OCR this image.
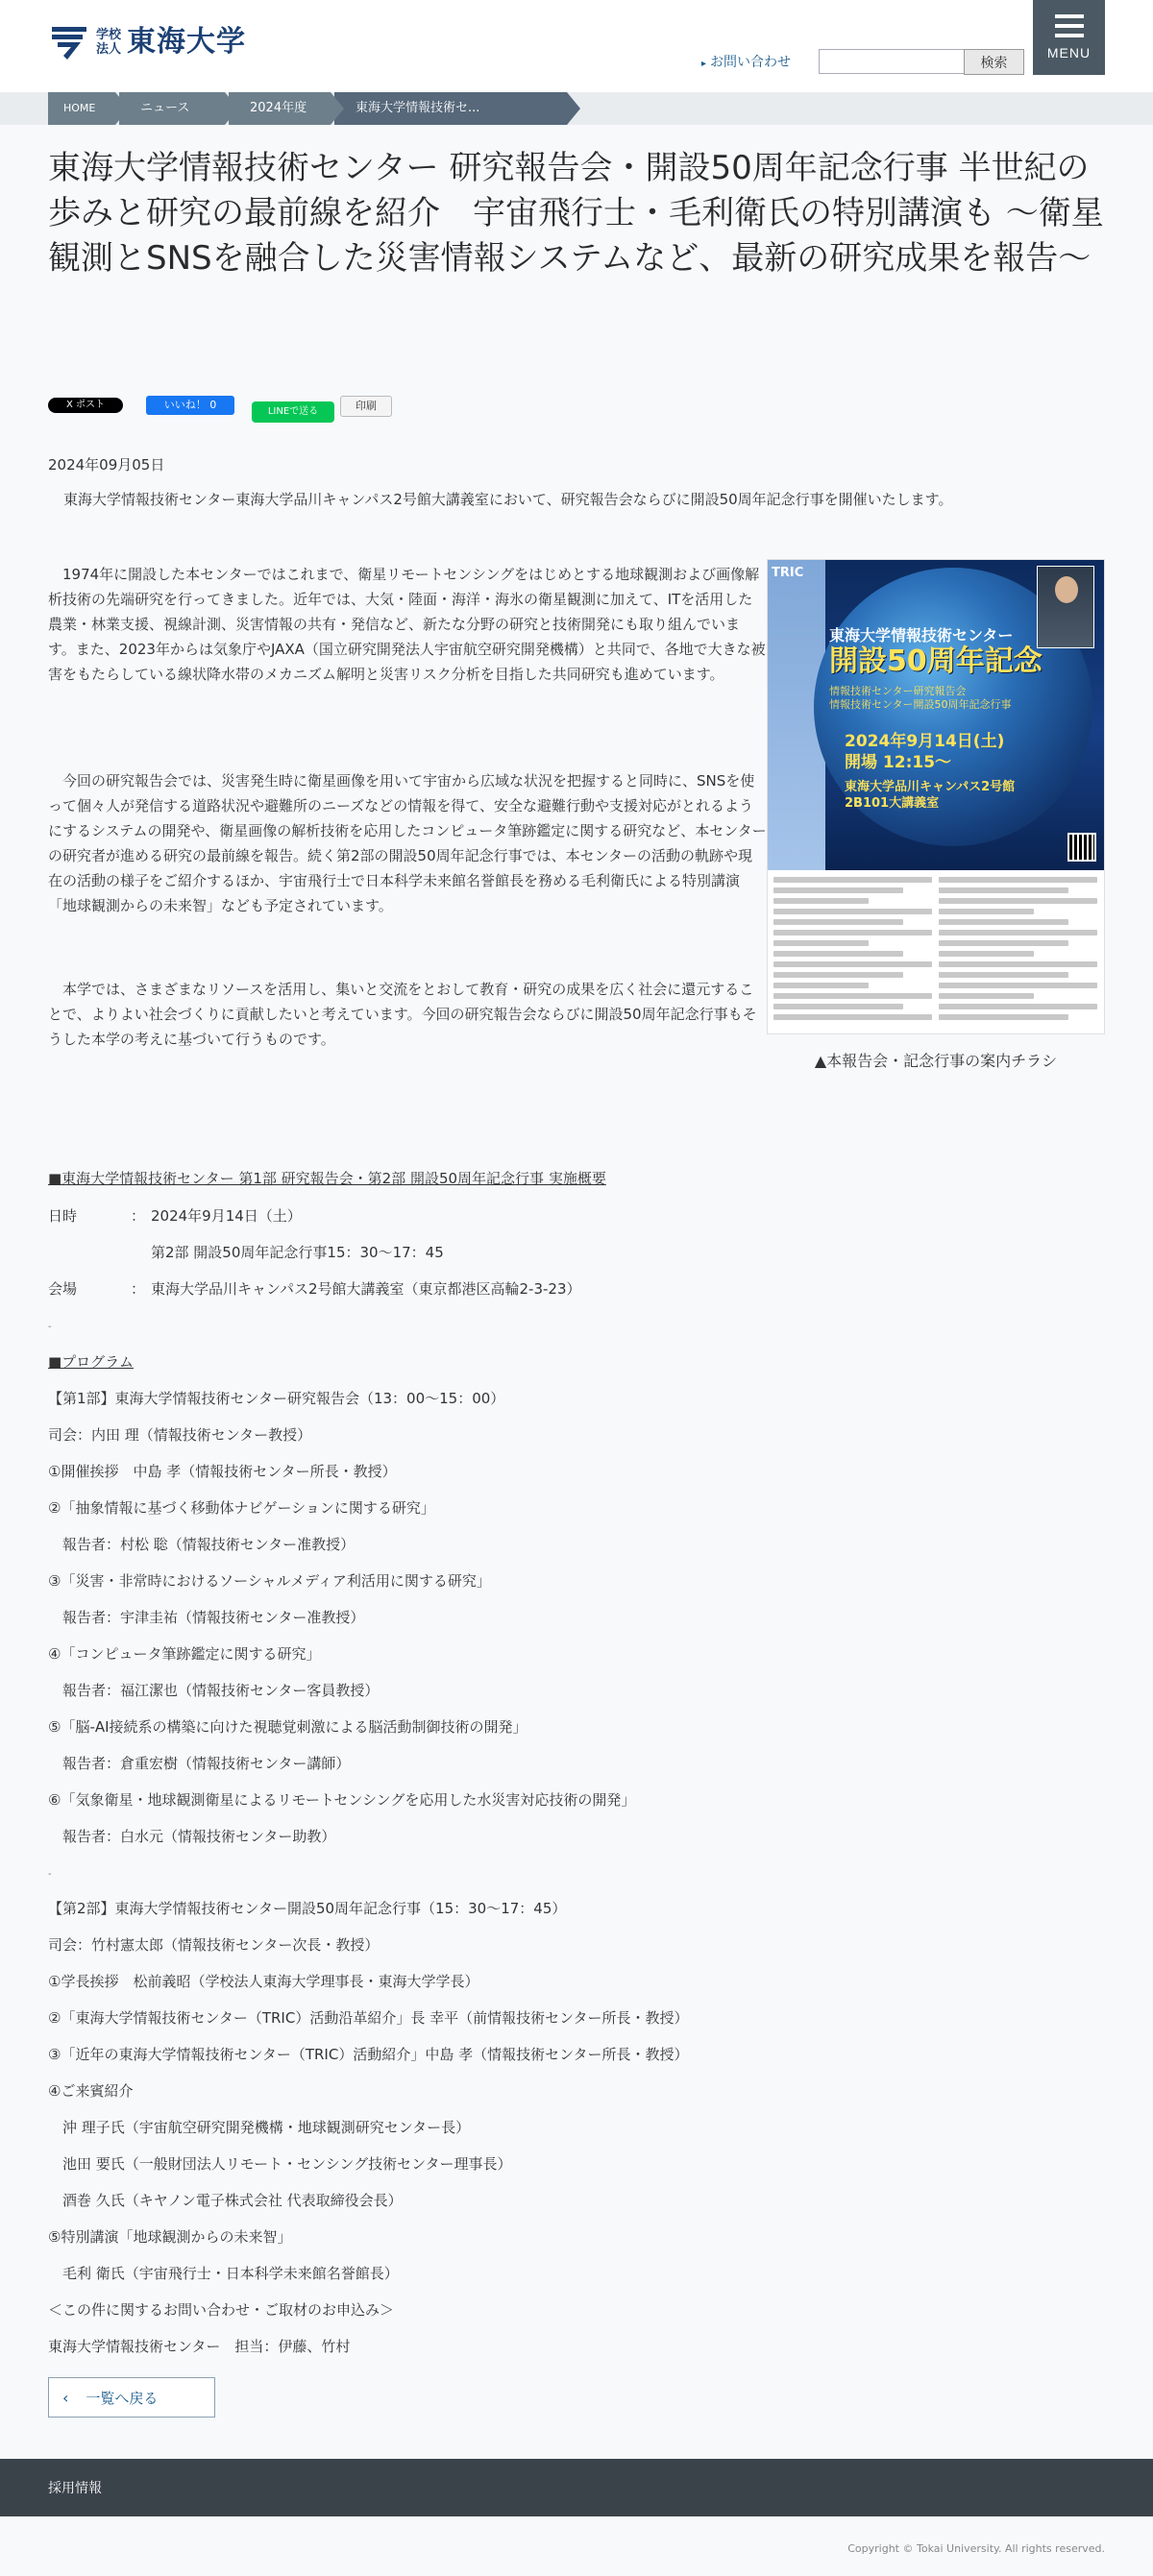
学校
法人 東海大学
▸ お問い合わせ	検索
MENU
HOME	ニュース	2024年度	東海大学情報技術セ...
東海大学情報技術センター 研究報告会・開設50周年記念行事 半世紀の歩みと研究の最前線を紹介　宇宙飛行士・毛利衛氏の特別講演も 〜衛星観測とSNSを融合した災害情報システムなど、最新の研究成果を報告〜
X ポスト	いいね！ 0
LINEで送る	印刷
2024年09月05日
東海大学情報技術センター東海大学品川キャンパス2号館大講義室において、研究報告会ならびに開設50周年記念行事を開催いたします。

1974年に開設した本センターではこれまで、衛星リモートセンシングをはじめとする地球観測および画像解析技術の先端研究を行ってきました。近年では、大気・陸面・海洋・海氷の衛星観測に加えて、ITを活用した農業・林業支援、視線計測、災害情報の共有・発信など、新たな分野の研究と技術開発にも取り組んでいます。また、2023年からは気象庁やJAXA（国立研究開発法人宇宙航空研究開発機構）と共同で、各地で大きな被害をもたらしている線状降水帯のメカニズム解明と災害リスク分析を目指した共同研究も進めています。

今回の研究報告会では、災害発生時に衛星画像を用いて宇宙から広域な状況を把握すると同時に、SNSを使って個々人が発信する道路状況や避難所のニーズなどの情報を得て、安全な避難行動や支援対応がとれるようにするシステムの開発や、衛星画像の解析技術を応用したコンピュータ筆跡鑑定に関する研究など、本センターの研究者が進める研究の最前線を報告。続く第2部の開設50周年記念行事では、本センターの活動の軌跡や現在の活動の様子をご紹介するほか、宇宙飛行士で日本科学未来館名誉館長を務める毛利衛氏による特別講演「地球観測からの未来智」なども予定されています。

本学では、さまざまなリソースを活用し、集いと交流をとおして教育・研究の成果を広く社会に還元することで、よりよい社会づくりに貢献したいと考えています。今回の研究報告会ならびに開設50周年記念行事もそうした本学の考えに基づいて行うものです。

TRIC
東海大学情報技術センター
開設50周年記念
情報技術センター研究報告会
情報技術センター開設50周年記念行事
2024年9月14日(土)
開場 12:15〜
東海大学品川キャンパス2号館
2B101大講義室
▲本報告会・記念行事の案内チラシ
■東海大学情報技術センター 第1部 研究報告会・第2部 開設50周年記念行事 実施概要
日時	： 2024年9月14日（土）
第2部 開設50周年記念行事15：30〜17：45
会場	： 東海大学品川キャンパス2号館大講義室（東京都港区高輪2-3-23）
-
■プログラム
【第1部】東海大学情報技術センター研究報告会（13：00〜15：00）
司会：内田 理（情報技術センター教授）
①開催挨拶　中島 孝（情報技術センター所長・教授）
②「抽象情報に基づく移動体ナビゲーションに関する研究」
　報告者：村松 聡（情報技術センター准教授）
③「災害・非常時におけるソーシャルメディア利活用に関する研究」
　報告者：宇津圭祐（情報技術センター准教授）
④「コンピュータ筆跡鑑定に関する研究」
　報告者：福江潔也（情報技術センター客員教授）
⑤「脳-AI接続系の構築に向けた視聴覚刺激による脳活動制御技術の開発」
　報告者：倉重宏樹（情報技術センター講師）
⑥「気象衛星・地球観測衛星によるリモートセンシングを応用した水災害対応技術の開発」
　報告者：白水元（情報技術センター助教）
-
【第2部】東海大学情報技術センター開設50周年記念行事（15：30〜17：45）
司会：竹村憲太郎（情報技術センター次長・教授）
①学長挨拶　松前義昭（学校法人東海大学理事長・東海大学学長）
②「東海大学情報技術センター（TRIC）活動沿革紹介」長 幸平（前情報技術センター所長・教授）
③「近年の東海大学情報技術センター（TRIC）活動紹介」中島 孝（情報技術センター所長・教授）
④ご来賓紹介
　沖 理子氏（宇宙航空研究開発機構・地球観測研究センター長）
　池田 要氏（一般財団法人リモート・センシング技術センター理事長）
　酒巻 久氏（キヤノン電子株式会社 代表取締役会長）
⑤特別講演「地球観測からの未来智」
　毛利 衛氏（宇宙飛行士・日本科学未来館名誉館長）
＜この件に関するお問い合わせ・ご取材のお申込み＞
東海大学情報技術センター　担当：伊藤、竹村
‹ 一覧へ戻る
採用情報
Copyright © Tokai University. All rights reserved.
